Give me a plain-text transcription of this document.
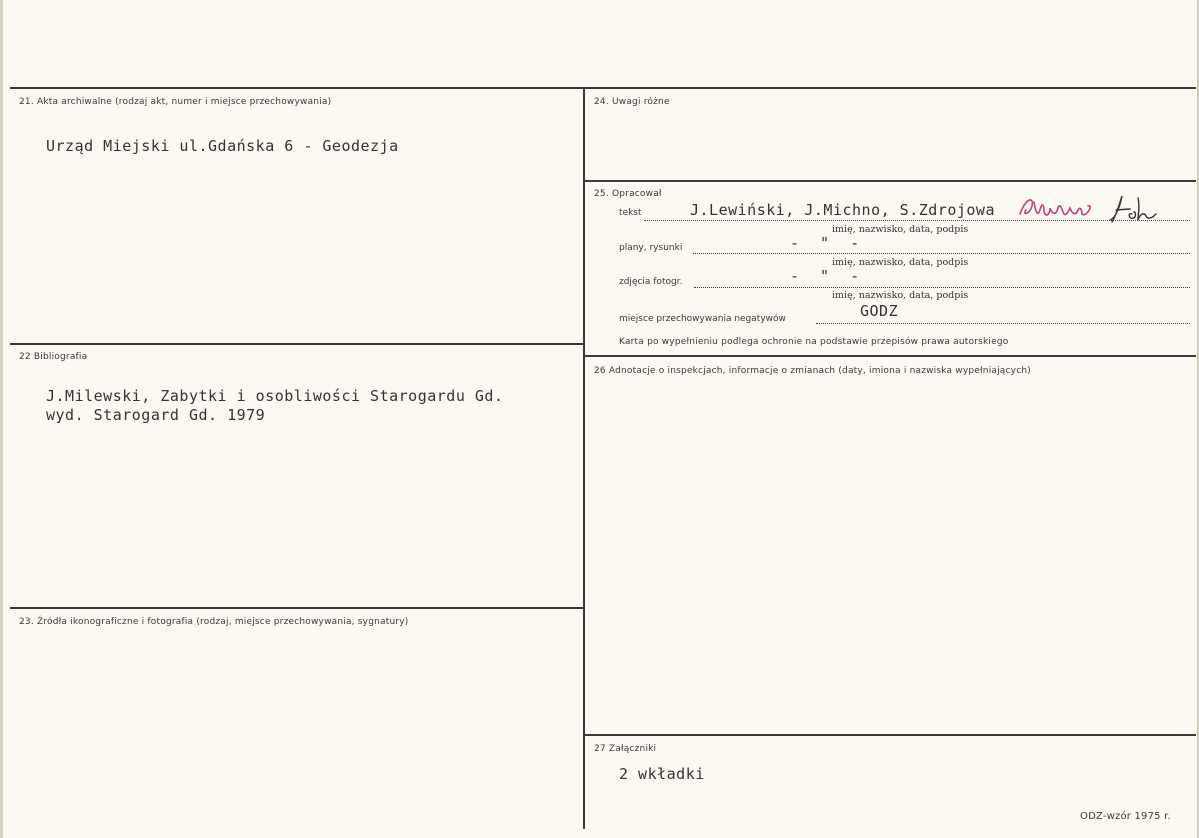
21. Akta archiwalne (rodzaj akt, numer i miejsce przechowywania)
Urząd Miejski ul.Gdańska 6 - Geodezja
22 Bibliografia
J.Milewski, Zabytki i osobliwości Starogardu Gd.
wyd. Starogard Gd. 1979
23. Źródła ikonograficzne i fotografia (rodzaj, miejsce przechowywania, sygnatury)
24. Uwagi różne
25. Opracował
tekst	J.Lewiński, J.Michno, S.Zdrojowa
imię, nazwisko, data, podpis
plany, rysunki	- " -
imię, nazwisko, data, podpis
zdjęcia fotogr.	- " -
imię, nazwisko, data, podpis
miejsce przechowywania negatywów	GODZ
Karta po wypełnieniu podlega ochronie na podstawie przepisów prawa autorskiego
26 Adnotacje o inspekcjach, informacje o zmianach (daty, imiona i nazwiska wypełniających)
27 Załączniki
2 wkładki
ODZ-wzór 1975 r.
